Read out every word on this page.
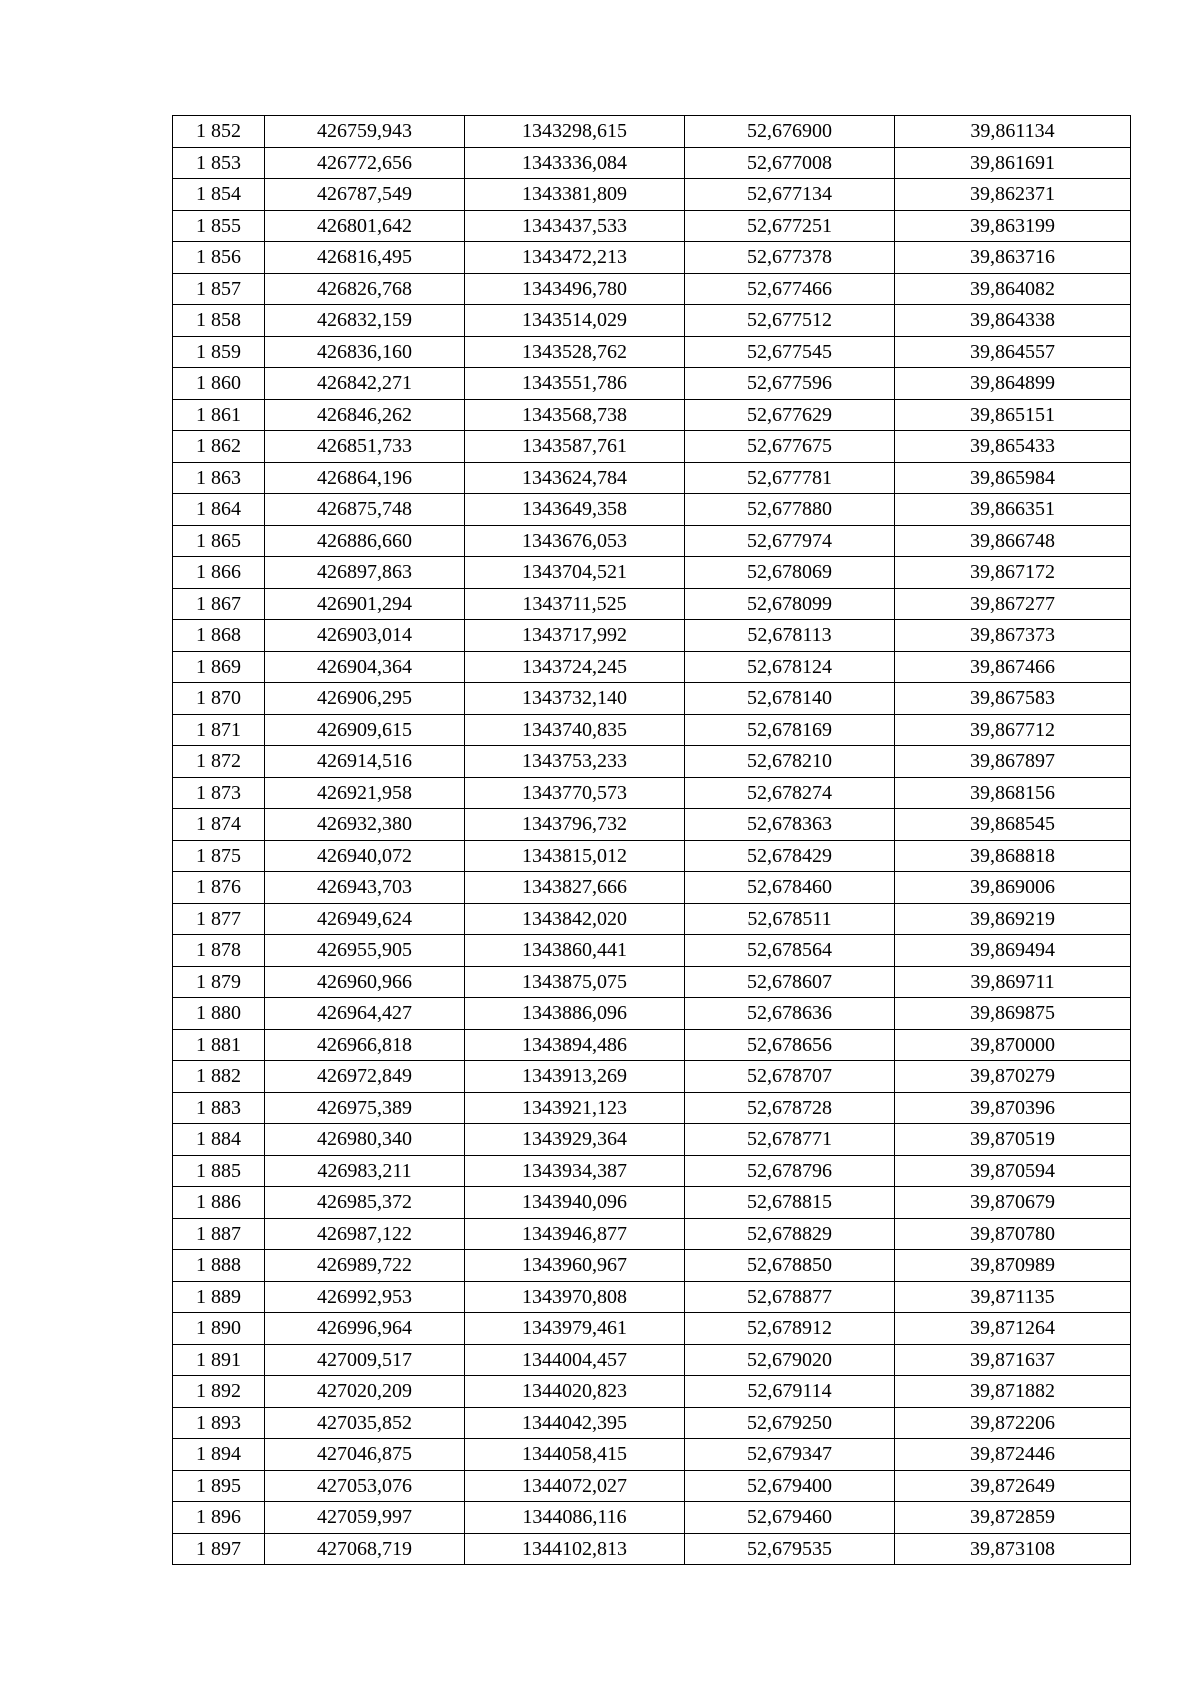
1 852	426759,943	1343298,615	52,676900	39,861134
1 853	426772,656	1343336,084	52,677008	39,861691
1 854	426787,549	1343381,809	52,677134	39,862371
1 855	426801,642	1343437,533	52,677251	39,863199
1 856	426816,495	1343472,213	52,677378	39,863716
1 857	426826,768	1343496,780	52,677466	39,864082
1 858	426832,159	1343514,029	52,677512	39,864338
1 859	426836,160	1343528,762	52,677545	39,864557
1 860	426842,271	1343551,786	52,677596	39,864899
1 861	426846,262	1343568,738	52,677629	39,865151
1 862	426851,733	1343587,761	52,677675	39,865433
1 863	426864,196	1343624,784	52,677781	39,865984
1 864	426875,748	1343649,358	52,677880	39,866351
1 865	426886,660	1343676,053	52,677974	39,866748
1 866	426897,863	1343704,521	52,678069	39,867172
1 867	426901,294	1343711,525	52,678099	39,867277
1 868	426903,014	1343717,992	52,678113	39,867373
1 869	426904,364	1343724,245	52,678124	39,867466
1 870	426906,295	1343732,140	52,678140	39,867583
1 871	426909,615	1343740,835	52,678169	39,867712
1 872	426914,516	1343753,233	52,678210	39,867897
1 873	426921,958	1343770,573	52,678274	39,868156
1 874	426932,380	1343796,732	52,678363	39,868545
1 875	426940,072	1343815,012	52,678429	39,868818
1 876	426943,703	1343827,666	52,678460	39,869006
1 877	426949,624	1343842,020	52,678511	39,869219
1 878	426955,905	1343860,441	52,678564	39,869494
1 879	426960,966	1343875,075	52,678607	39,869711
1 880	426964,427	1343886,096	52,678636	39,869875
1 881	426966,818	1343894,486	52,678656	39,870000
1 882	426972,849	1343913,269	52,678707	39,870279
1 883	426975,389	1343921,123	52,678728	39,870396
1 884	426980,340	1343929,364	52,678771	39,870519
1 885	426983,211	1343934,387	52,678796	39,870594
1 886	426985,372	1343940,096	52,678815	39,870679
1 887	426987,122	1343946,877	52,678829	39,870780
1 888	426989,722	1343960,967	52,678850	39,870989
1 889	426992,953	1343970,808	52,678877	39,871135
1 890	426996,964	1343979,461	52,678912	39,871264
1 891	427009,517	1344004,457	52,679020	39,871637
1 892	427020,209	1344020,823	52,679114	39,871882
1 893	427035,852	1344042,395	52,679250	39,872206
1 894	427046,875	1344058,415	52,679347	39,872446
1 895	427053,076	1344072,027	52,679400	39,872649
1 896	427059,997	1344086,116	52,679460	39,872859
1 897	427068,719	1344102,813	52,679535	39,873108
